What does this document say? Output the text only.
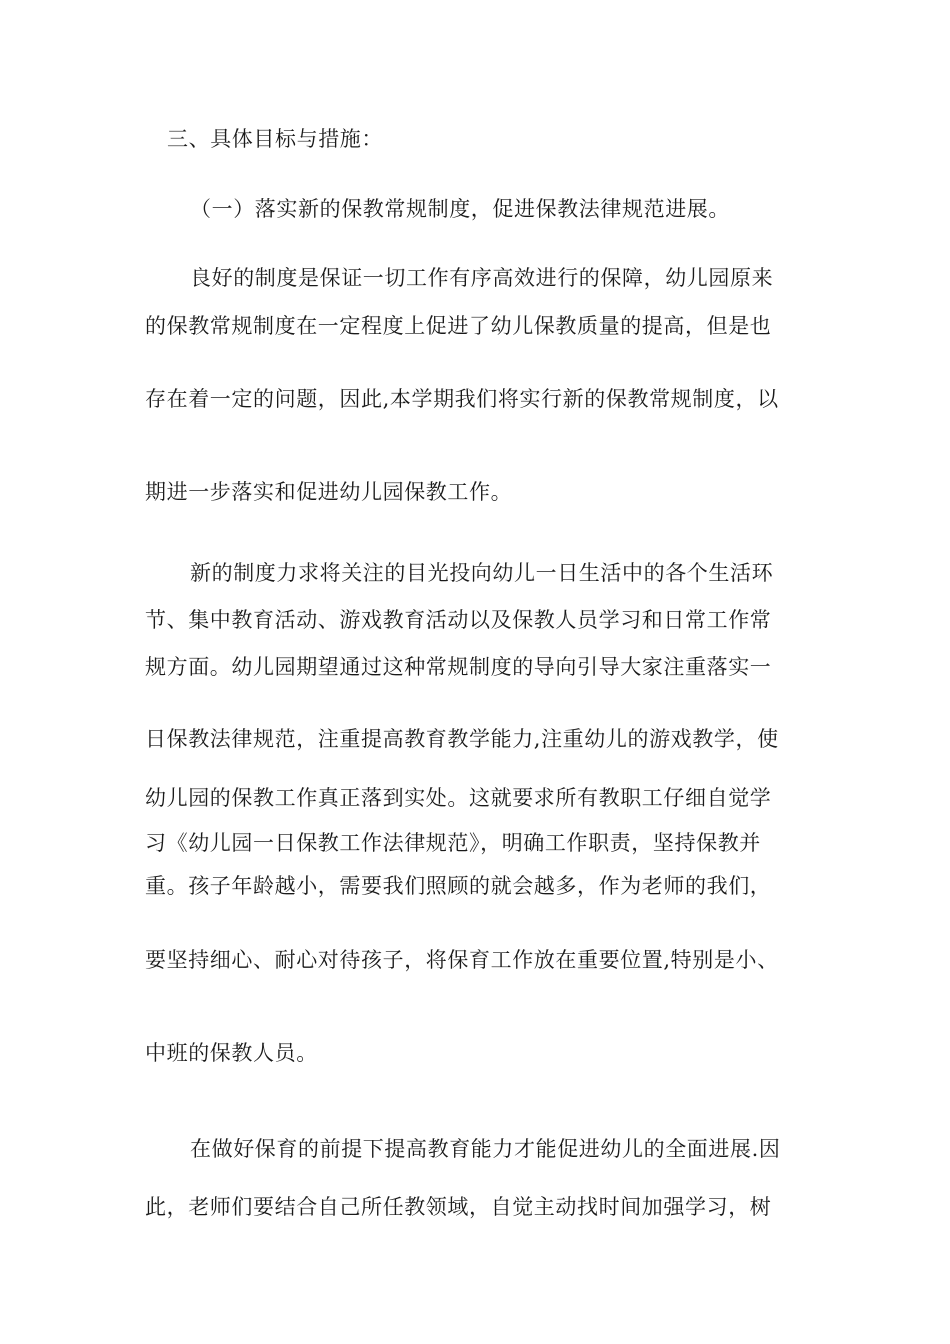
三、具体目标与措施：
（一）落实新的保教常规制度，促进保教法律规范进展。
良好的制度是保证一切工作有序高效进行的保障，幼儿园原来
的保教常规制度在一定程度上促进了幼儿保教质量的提高，但是也
存在着一定的问题，因此,本学期我们将实行新的保教常规制度，以
期进一步落实和促进幼儿园保教工作。
新的制度力求将关注的目光投向幼儿一日生活中的各个生活环
节、集中教育活动、游戏教育活动以及保教人员学习和日常工作常
规方面。幼儿园期望通过这种常规制度的导向引导大家注重落实一
日保教法律规范，注重提高教育教学能力,注重幼儿的游戏教学，使
幼儿园的保教工作真正落到实处。这就要求所有教职工仔细自觉学
习《幼儿园一日保教工作法律规范》，明确工作职责，坚持保教并
重。孩子年龄越小，需要我们照顾的就会越多，作为老师的我们，
要坚持细心、耐心对待孩子，将保育工作放在重要位置,特别是小、
中班的保教人员。
在做好保育的前提下提高教育能力才能促进幼儿的全面进展.因
此，老师们要结合自己所任教领域，自觉主动找时间加强学习，树
